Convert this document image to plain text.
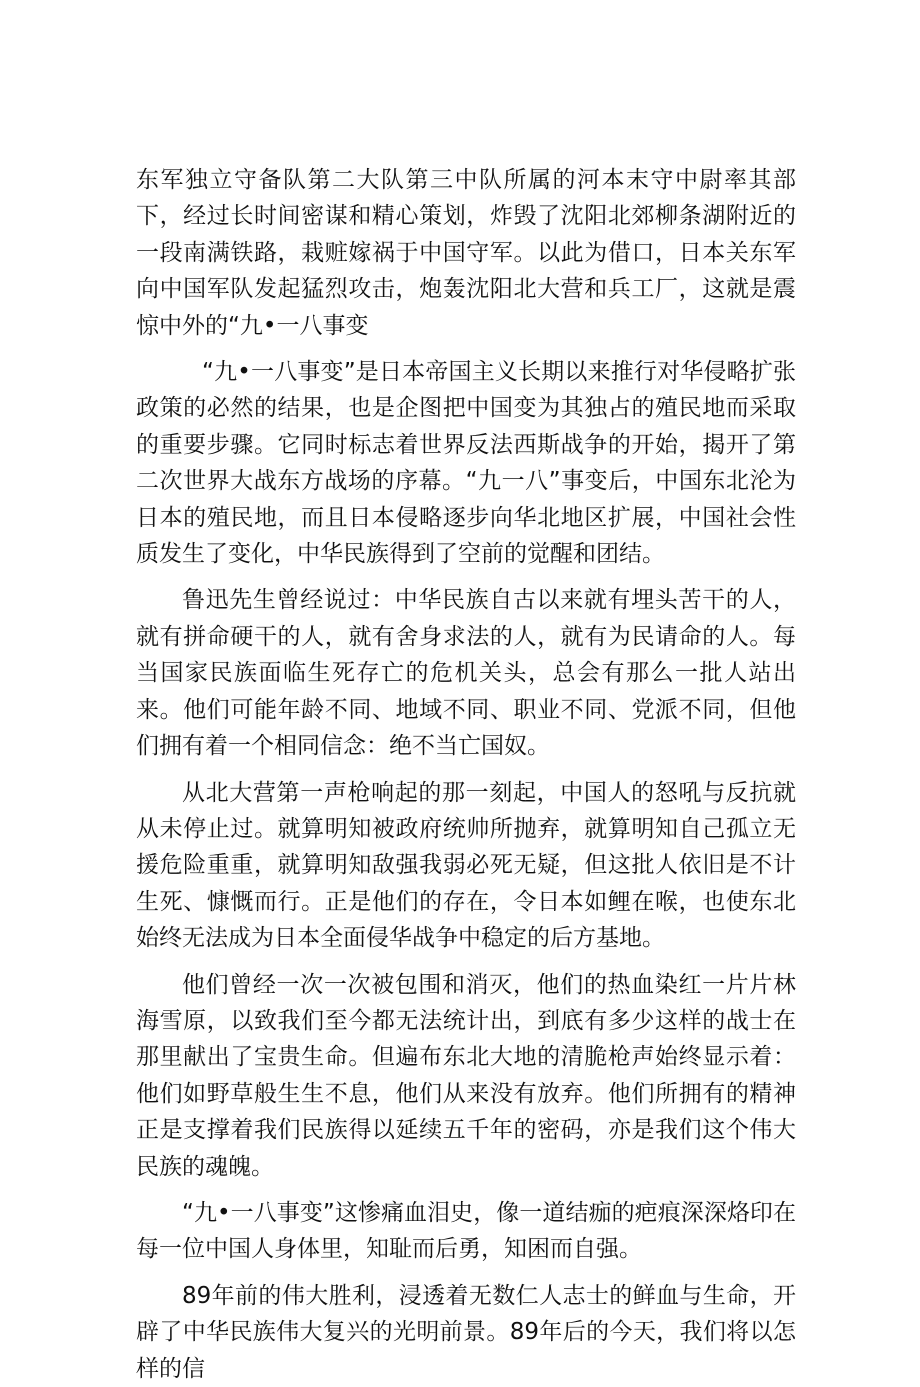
东军独立守备队第二大队第三中队所属的河本末守中尉率其部下，经过长时间密谋和精心策划，炸毁了沈阳北郊柳条湖附近的一段南满铁路，栽赃嫁祸于中国守军。以此为借口，日本关东军向中国军队发起猛烈攻击，炮轰沈阳北大营和兵工厂，这就是震惊中外的“九•一八事变

“九•一八事变”是日本帝国主义长期以来推行对华侵略扩张政策的必然的结果，也是企图把中国变为其独占的殖民地而采取的重要步骤。它同时标志着世界反法西斯战争的开始，揭开了第二次世界大战东方战场的序幕。“九一八”事变后，中国东北沦为日本的殖民地，而且日本侵略逐步向华北地区扩展，中国社会性质发生了变化，中华民族得到了空前的觉醒和团结。

鲁迅先生曾经说过：中华民族自古以来就有埋头苦干的人，就有拼命硬干的人，就有舍身求法的人，就有为民请命的人。每当国家民族面临生死存亡的危机关头，总会有那么一批人站出来。他们可能年龄不同、地域不同、职业不同、党派不同，但他们拥有着一个相同信念：绝不当亡国奴。

从北大营第一声枪响起的那一刻起，中国人的怒吼与反抗就从未停止过。就算明知被政府统帅所抛弃，就算明知自己孤立无援危险重重，就算明知敌强我弱必死无疑，但这批人依旧是不计生死、慷慨而行。正是他们的存在，令日本如鲤在喉，也使东北始终无法成为日本全面侵华战争中稳定的后方基地。

他们曾经一次一次被包围和消灭，他们的热血染红一片片林海雪原，以致我们至今都无法统计出，到底有多少这样的战士在那里献出了宝贵生命。但遍布东北大地的清脆枪声始终显示着：他们如野草般生生不息，他们从来没有放弃。他们所拥有的精神正是支撑着我们民族得以延续五千年的密码，亦是我们这个伟大民族的魂魄。

“九•一八事变”这惨痛血泪史，像一道结痂的疤痕深深烙印在每一位中国人身体里，知耻而后勇，知困而自强。

89年前的伟大胜利，浸透着无数仁人志士的鲜血与生命，开辟了中华民族伟大复兴的光明前景。89年后的今天，我们将以怎样的信
